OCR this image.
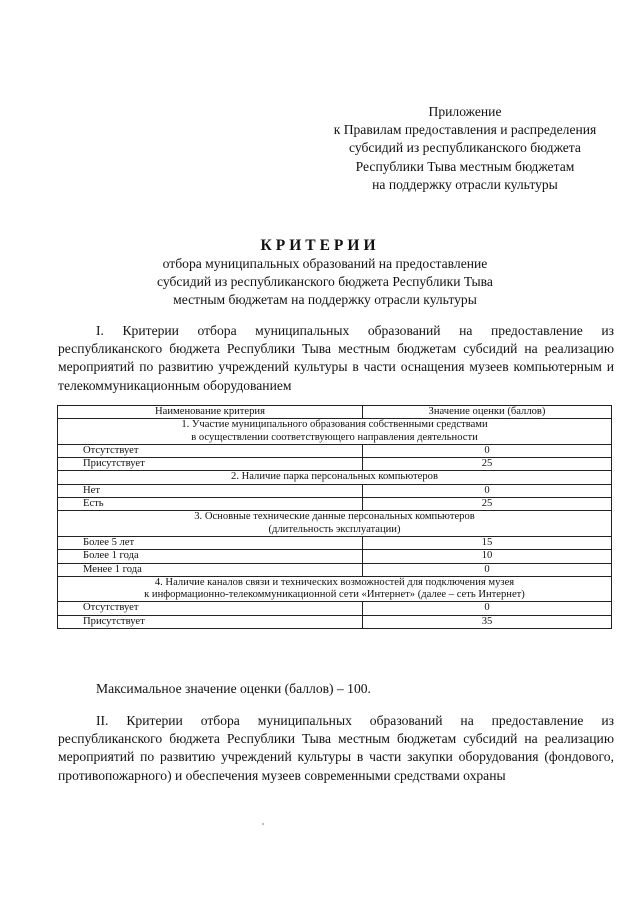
Приложение
к Правилам предоставления и распределения
субсидий из республиканского бюджета
Республики Тыва местным бюджетам
на поддержку отрасли культуры
КРИТЕРИИ
отбора муниципальных образований на предоставление
субсидий из республиканского бюджета Республики Тыва
местным бюджетам на поддержку отрасли культуры
I. Критерии отбора муниципальных образований на предоставление из республиканского бюджета Республики Тыва местным бюджетам субсидий на реализацию мероприятий по развитию учреждений культуры в части оснащения музеев компьютерным и телекоммуникационным оборудованием
Наименование критерия	Значение оценки (баллов)

1. Участие муниципального образования собственными средствами
в осуществлении соответствующего направления деятельности	

Отсутствует	0
Присутствует	25

2. Наличие парка персональных компьютеров	

Нет	0
Есть	25

3. Основные технические данные персональных компьютеров
(длительность эксплуатации)	

Более 5 лет	15
Более 1 года	10
Менее 1 года	0

4. Наличие каналов связи и технических возможностей для подключения музея
к информационно-телекоммуникационной сети «Интернет» (далее – сеть Интернет)	

Отсутствует	0
Присутствует	35
Максимальное значение оценки (баллов) – 100.
II. Критерии отбора муниципальных образований на предоставление из республиканского бюджета Республики Тыва местным бюджетам субсидий на реализацию мероприятий по развитию учреждений культуры в части закупки оборудования (фондового, противопожарного) и обеспечения музеев современными средствами охраны
